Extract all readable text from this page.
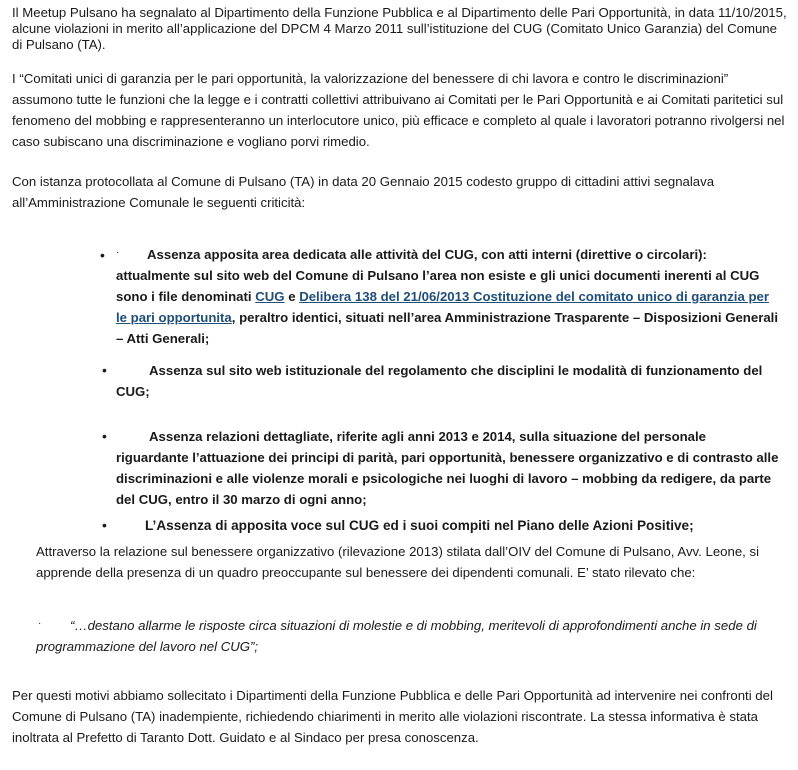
Il Meetup Pulsano ha segnalato al Dipartimento della Funzione Pubblica e al Dipartimento delle Pari Opportunità, in data 11/10/2015, alcune violazioni in merito all’applicazione del DPCM 4 Marzo 2011 sull’istituzione del CUG (Comitato Unico Garanzia) del Comune di Pulsano (TA).

I “Comitati unici di garanzia per le pari opportunità, la valorizzazione del benessere di chi lavora e contro le discriminazioni” assumono tutte le funzioni che la legge e i contratti collettivi attribuivano ai Comitati per le Pari Opportunità e ai Comitati paritetici sul fenomeno del mobbing e rappresenteranno un interlocutore unico, più efficace e completo al quale i lavoratori potranno rivolgersi nel caso subiscano una discriminazione e vogliano porvi rimedio.

Con istanza protocollata al Comune di Pulsano (TA) in data 20 Gennaio 2015 codesto gruppo di cittadini attivi segnalava all’Amministrazione Comunale le seguenti criticità:

• ·	Assenza apposita area dedicata alle attività del CUG, con atti interni (direttive o circolari): attualmente sul sito web del Comune di Pulsano l’area non esiste e gli unici documenti inerenti al CUG sono i file denominati CUG e Delibera 138 del 21/06/2013 Costituzione del comitato unico di garanzia per le pari opportunita, peraltro identici, situati nell’area Amministrazione Trasparente – Disposizioni Generali – Atti Generali;
•	Assenza sul sito web istituzionale del regolamento che disciplini le modalità di funzionamento del CUG;
•	Assenza relazioni dettagliate, riferite agli anni 2013 e 2014, sulla situazione del personale riguardante l’attuazione dei principi di parità, pari opportunità, benessere organizzativo e di contrasto alle discriminazioni e alle violenze morali e psicologiche nei luoghi di lavoro – mobbing da redigere, da parte del CUG, entro il 30 marzo di ogni anno;
•	L’Assenza di apposita voce sul CUG ed i suoi compiti nel Piano delle Azioni Positive;

Attraverso la relazione sul benessere organizzativo (rilevazione 2013) stilata dall’OIV del Comune di Pulsano, Avv. Leone, si apprende della presenza di un quadro preoccupante sul benessere dei dipendenti comunali. E’ stato rilevato che:

·	“…destano allarme le risposte circa situazioni di molestie e di mobbing, meritevoli di approfondimenti anche in sede di programmazione del lavoro nel CUG”;

Per questi motivi abbiamo sollecitato i Dipartimenti della Funzione Pubblica e delle Pari Opportunità ad intervenire nei confronti del Comune di Pulsano (TA) inadempiente, richiedendo chiarimenti in merito alle violazioni riscontrate. La stessa informativa è stata inoltrata al Prefetto di Taranto Dott. Guidato e al Sindaco per presa conoscenza.
